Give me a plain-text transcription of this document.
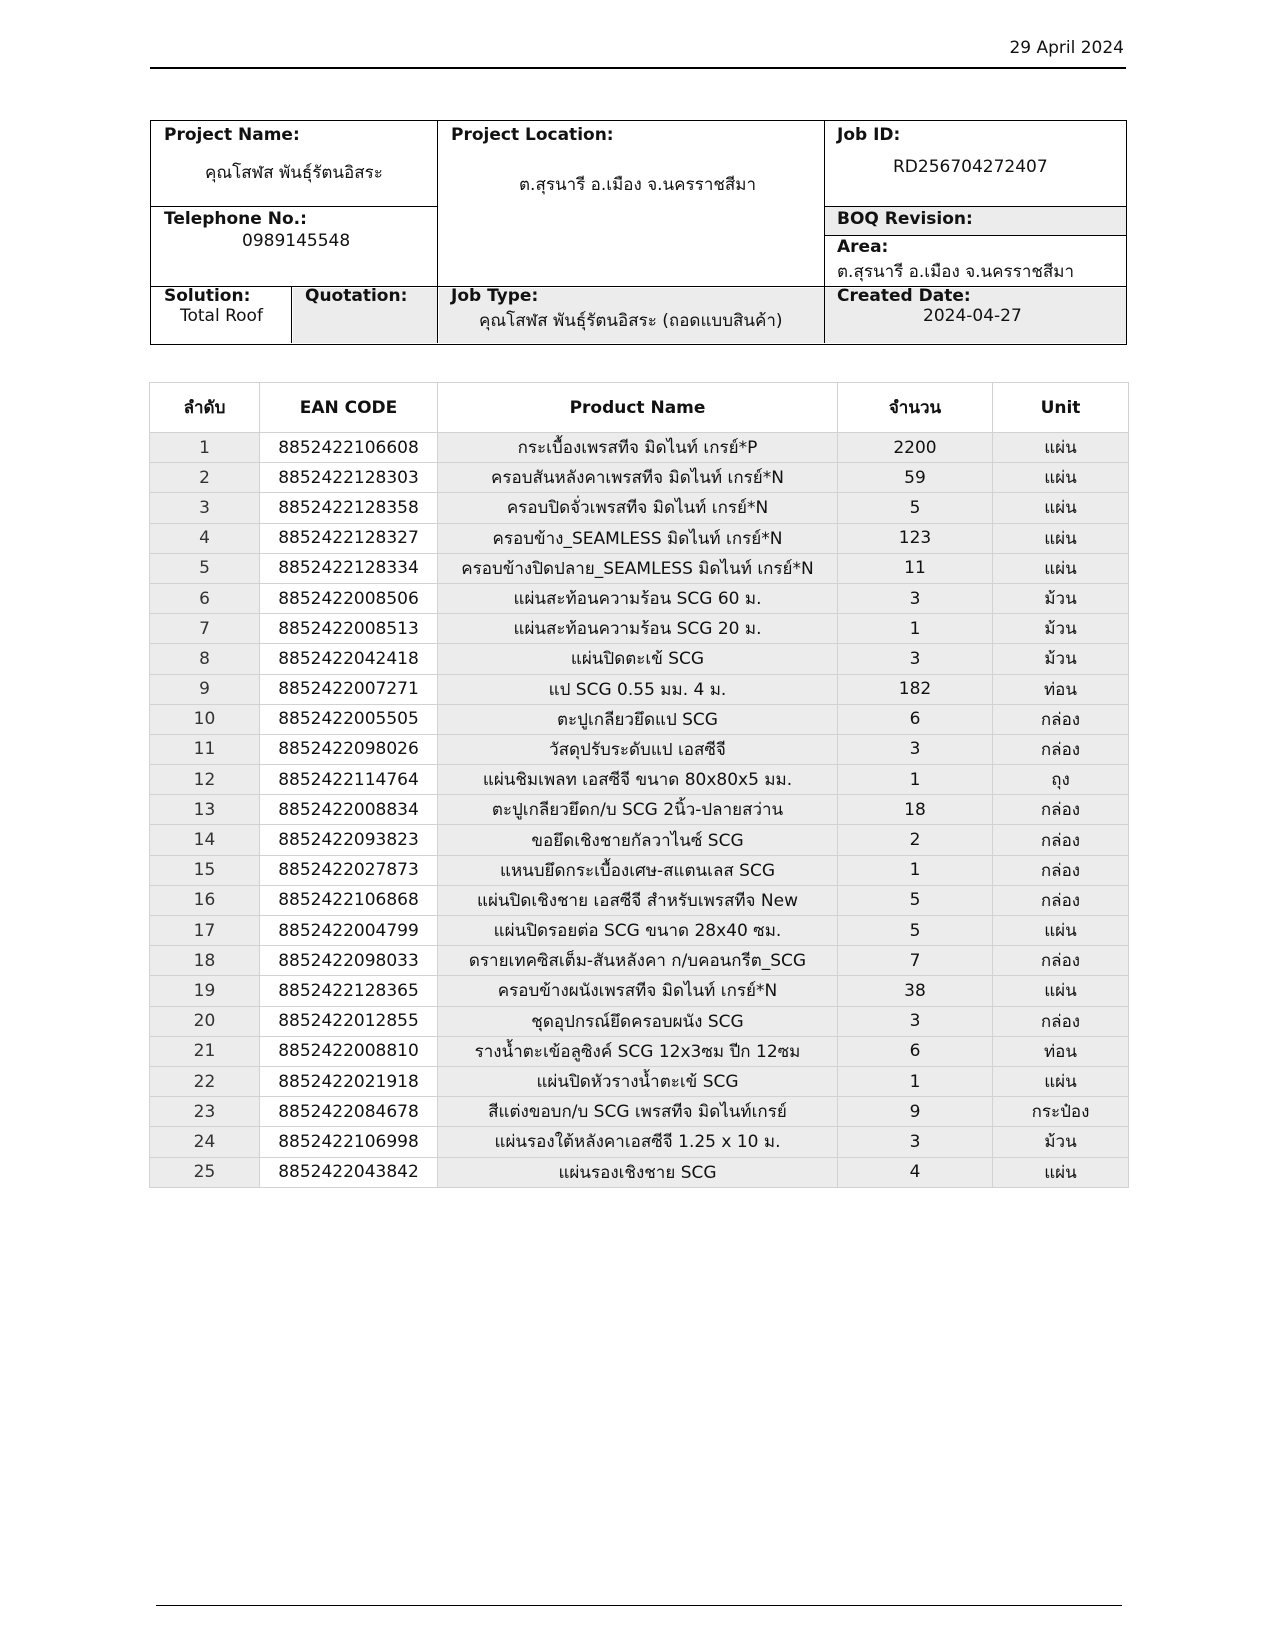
29 April 2024
Project Name:
คุณโสฬส พันธุ์รัตนอิสระ
Project Location:
ต.สุรนารี อ.เมือง จ.นครราชสีมา
Job ID:
RD256704272407
Telephone No.:
0989145548
BOQ Revision:
Area:
ต.สุรนารี อ.เมือง จ.นครราชสีมา
Solution:
Total Roof
Quotation:	Job Type:
คุณโสฬส พันธุ์รัตนอิสระ (ถอดแบบสินค้า)
Created Date:
2024-04-27
ลำดับ	EAN CODE	Product Name	จำนวน	Unit
1	8852422106608	กระเบื้องเพรสทีจ มิดไนท์ เกรย์*P	2200	แผ่น
2	8852422128303	ครอบสันหลังคาเพรสทีจ มิดไนท์ เกรย์*N	59	แผ่น
3	8852422128358	ครอบปิดจั่วเพรสทีจ มิดไนท์ เกรย์*N	5	แผ่น
4	8852422128327	ครอบข้าง_SEAMLESS มิดไนท์ เกรย์*N	123	แผ่น
5	8852422128334	ครอบข้างปิดปลาย_SEAMLESS มิดไนท์ เกรย์*N	11	แผ่น
6	8852422008506	แผ่นสะท้อนความร้อน SCG 60 ม.	3	ม้วน
7	8852422008513	แผ่นสะท้อนความร้อน SCG 20 ม.	1	ม้วน
8	8852422042418	แผ่นปิดตะเข้ SCG	3	ม้วน
9	8852422007271	แป SCG 0.55 มม. 4 ม.	182	ท่อน
10	8852422005505	ตะปูเกลียวยึดแป SCG	6	กล่อง
11	8852422098026	วัสดุปรับระดับแป เอสซีจี	3	กล่อง
12	8852422114764	แผ่นชิมเพลท เอสซีจี ขนาด 80x80x5 มม.	1	ถุง
13	8852422008834	ตะปูเกลียวยึดก/บ SCG 2นิ้ว-ปลายสว่าน	18	กล่อง
14	8852422093823	ขอยึดเชิงชายกัลวาไนซ์ SCG	2	กล่อง
15	8852422027873	แหนบยึดกระเบื้องเศษ-สแตนเลส SCG	1	กล่อง
16	8852422106868	แผ่นปิดเชิงชาย เอสซีจี สำหรับเพรสทีจ New	5	กล่อง
17	8852422004799	แผ่นปิดรอยต่อ SCG ขนาด 28x40 ซม.	5	แผ่น
18	8852422098033	ดรายเทคซิสเต็ม-สันหลังคา ก/บคอนกรีต_SCG	7	กล่อง
19	8852422128365	ครอบข้างผนังเพรสทีจ มิดไนท์ เกรย์*N	38	แผ่น
20	8852422012855	ชุดอุปกรณ์ยึดครอบผนัง SCG	3	กล่อง
21	8852422008810	รางน้ำตะเข้อลูซิงค์ SCG 12x3ซม ปีก 12ซม	6	ท่อน
22	8852422021918	แผ่นปิดหัวรางน้ำตะเข้ SCG	1	แผ่น
23	8852422084678	สีแต่งขอบก/บ SCG เพรสทีจ มิดไนท์เกรย์	9	กระป๋อง
24	8852422106998	แผ่นรองใต้หลังคาเอสซีจี 1.25 x 10 ม.	3	ม้วน
25	8852422043842	แผ่นรองเชิงชาย SCG	4	แผ่น
